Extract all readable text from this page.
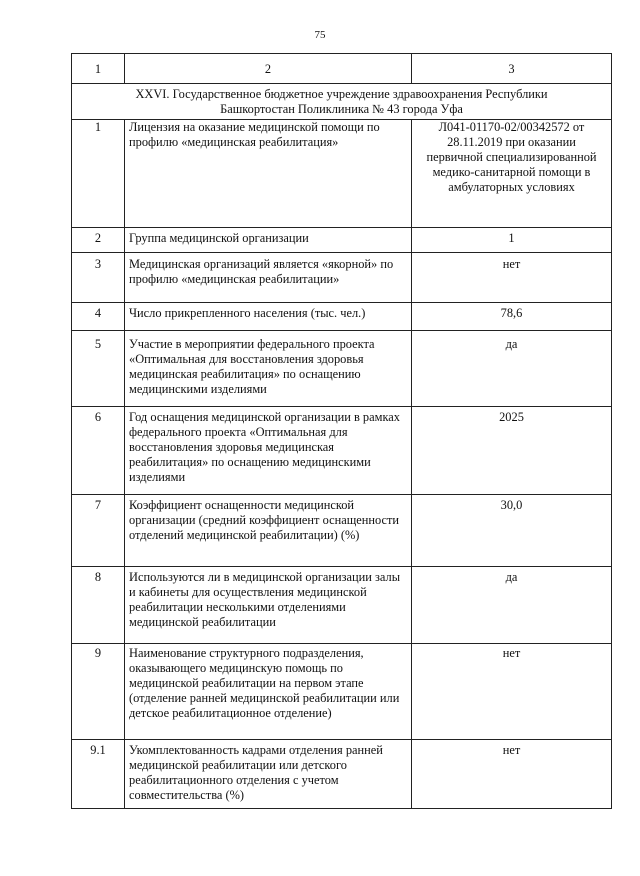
75
1	2	3
XXVI. Государственное бюджетное учреждение здравоохранения Республики Башкортостан Поликлиника № 43 города Уфа		
1	Лицензия на оказание медицинской помощи по профилю «медицинская реабилитация»	Л041-01170-02/00342572 от 28.11.2019 при оказании первичной специализированной медико-санитарной помощи в амбулаторных условиях
2	Группа медицинской организации	1
3	Медицинская организаций является «якорной» по профилю «медицинская реабилитации»	нет
4	Число прикрепленного населения (тыс. чел.)	78,6
5	Участие в мероприятии федерального проекта «Оптимальная для восстановления здоровья медицинская реабилитация» по оснащению медицинскими изделиями	да
6	Год оснащения медицинской организации в рамках федерального проекта «Оптимальная для восстановления здоровья медицинская реабилитация» по оснащению медицинскими изделиями	2025
7	Коэффициент оснащенности медицинской организации (средний коэффициент оснащенности отделений медицинской реабилитации) (%)	30,0
8	Используются ли в медицинской организации залы и кабинеты для осуществления медицинской реабилитации несколькими отделениями медицинской реабилитации	да
9	Наименование структурного подразделения, оказывающего медицинскую помощь по медицинской реабилитации на первом этапе (отделение ранней медицинской реабилитации или детское реабилитационное отделение)	нет
9.1	Укомплектованность кадрами отделения ранней медицинской реабилитации или детского реабилитационного отделения с учетом совместительства (%)	нет
